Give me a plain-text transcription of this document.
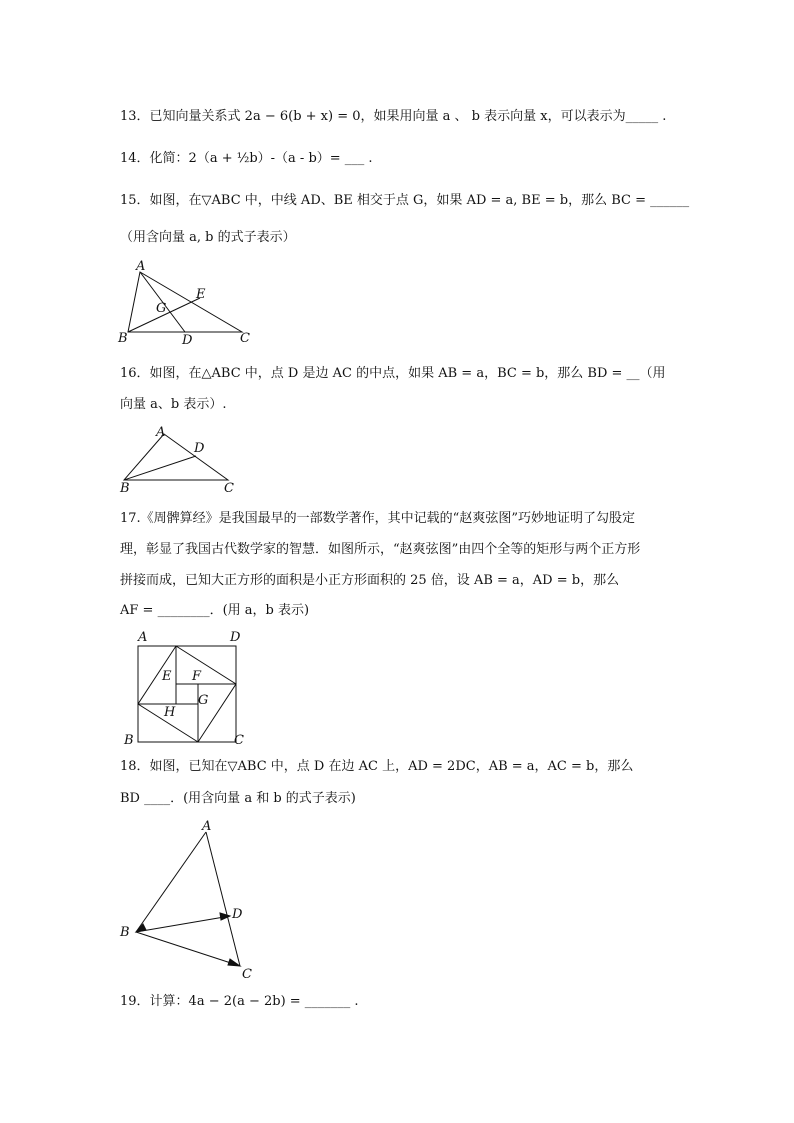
13．已知向量关系式 2a − 6(b + x) = 0，如果用向量 a 、 b 表示向量 x，可以表示为_____ .
14．化简：2（a + ½b）-（a - b）= ___ .
15．如图，在▽ABC 中，中线 AD、BE 相交于点 G，如果 AD = a, BE = b，那么 BC = ______
（用含向量 a, b 的式子表示）
A
B	C
D
E
G
16．如图，在△ABC 中，点 D 是边 AC 的中点，如果 AB = a，BC = b，那么 BD = __（用
向量 a、b 表示）.
A
B	C
D
17.《周髀算经》是我国最早的一部数学著作，其中记载的“赵爽弦图”巧妙地证明了勾股定
理，彰显了我国古代数学家的智慧．如图所示，“赵爽弦图”由四个全等的矩形与两个正方形
拼接而成，已知大正方形的面积是小正方形面积的 25 倍，设 AB = a，AD = b，那么
AF = ________．(用 a，b 表示)
A	D
B	C
E F
G
H
18．如图，已知在▽ABC 中，点 D 在边 AC 上，AD = 2DC，AB = a，AC = b，那么
BD ____．(用含向量 a 和 b 的式子表示)
A
B
C
D
19．计算：4a − 2(a − 2b) = _______ .
